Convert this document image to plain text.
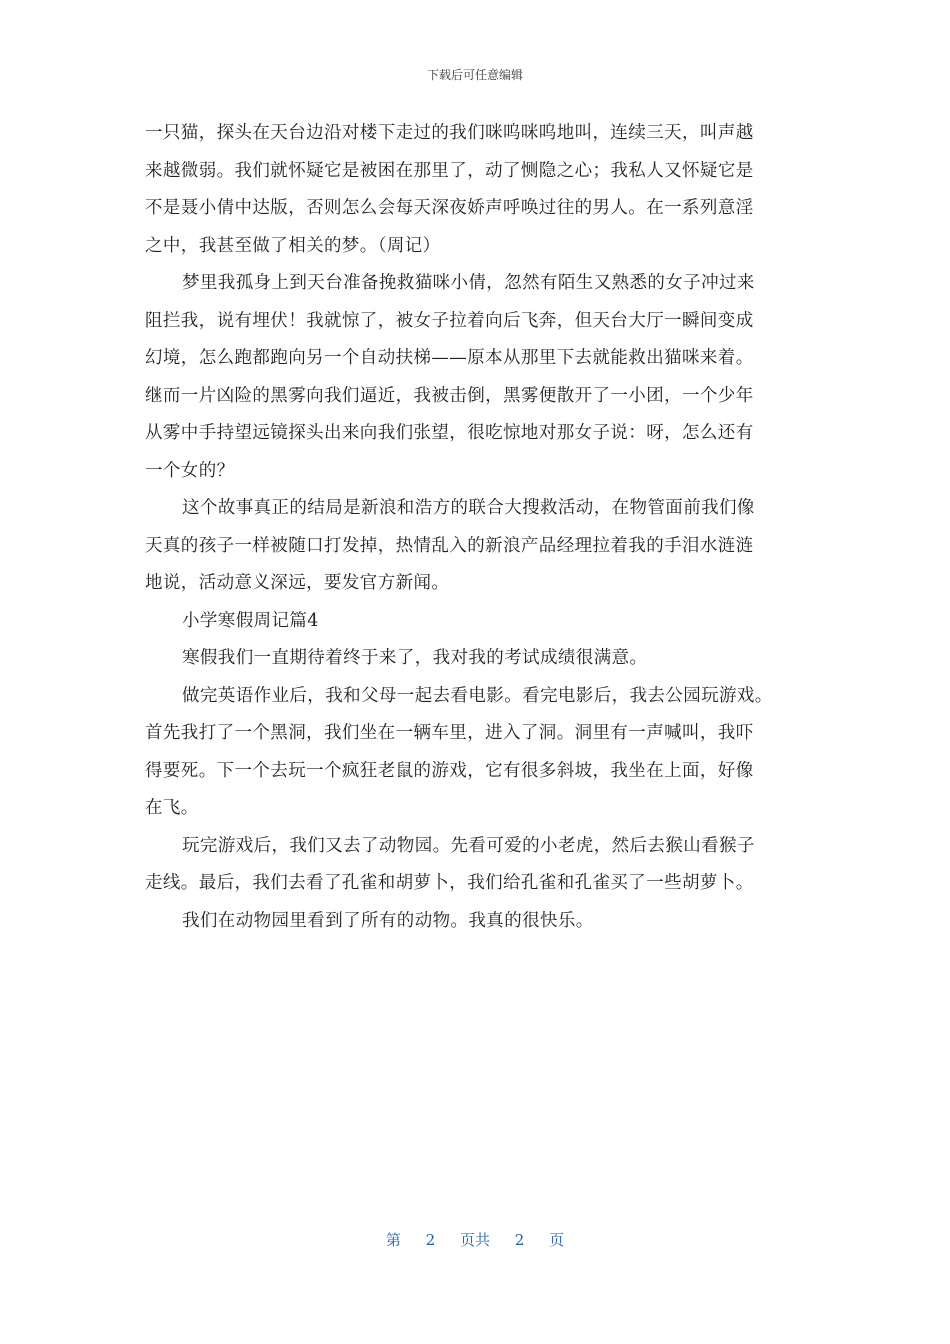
下载后可任意编辑
一只猫，探头在天台边沿对楼下走过的我们咪呜咪呜地叫，连续三天，叫声越
来越微弱。我们就怀疑它是被困在那里了，动了恻隐之心；我私人又怀疑它是
不是聂小倩中达版，否则怎么会每天深夜娇声呼唤过往的男人。在一系列意淫
之中，我甚至做了相关的梦。（周记）
梦里我孤身上到天台准备挽救猫咪小倩，忽然有陌生又熟悉的女子冲过来
阻拦我，说有埋伏！我就惊了，被女子拉着向后飞奔，但天台大厅一瞬间变成
幻境，怎么跑都跑向另一个自动扶梯——原本从那里下去就能救出猫咪来着。
继而一片凶险的黑雾向我们逼近，我被击倒，黑雾便散开了一小团，一个少年
从雾中手持望远镜探头出来向我们张望，很吃惊地对那女子说：呀，怎么还有
一个女的？
这个故事真正的结局是新浪和浩方的联合大搜救活动，在物管面前我们像
天真的孩子一样被随口打发掉，热情乱入的新浪产品经理拉着我的手泪水涟涟
地说，活动意义深远，要发官方新闻。
小学寒假周记篇4
寒假我们一直期待着终于来了，我对我的考试成绩很满意。
做完英语作业后，我和父母一起去看电影。看完电影后，我去公园玩游戏。
首先我打了一个黑洞，我们坐在一辆车里，进入了洞。洞里有一声喊叫，我吓
得要死。下一个去玩一个疯狂老鼠的游戏，它有很多斜坡，我坐在上面，好像
在飞。
玩完游戏后，我们又去了动物园。先看可爱的小老虎，然后去猴山看猴子
走线。最后，我们去看了孔雀和胡萝卜，我们给孔雀和孔雀买了一些胡萝卜。
我们在动物园里看到了所有的动物。我真的很快乐。
第 2 页共 2 页
